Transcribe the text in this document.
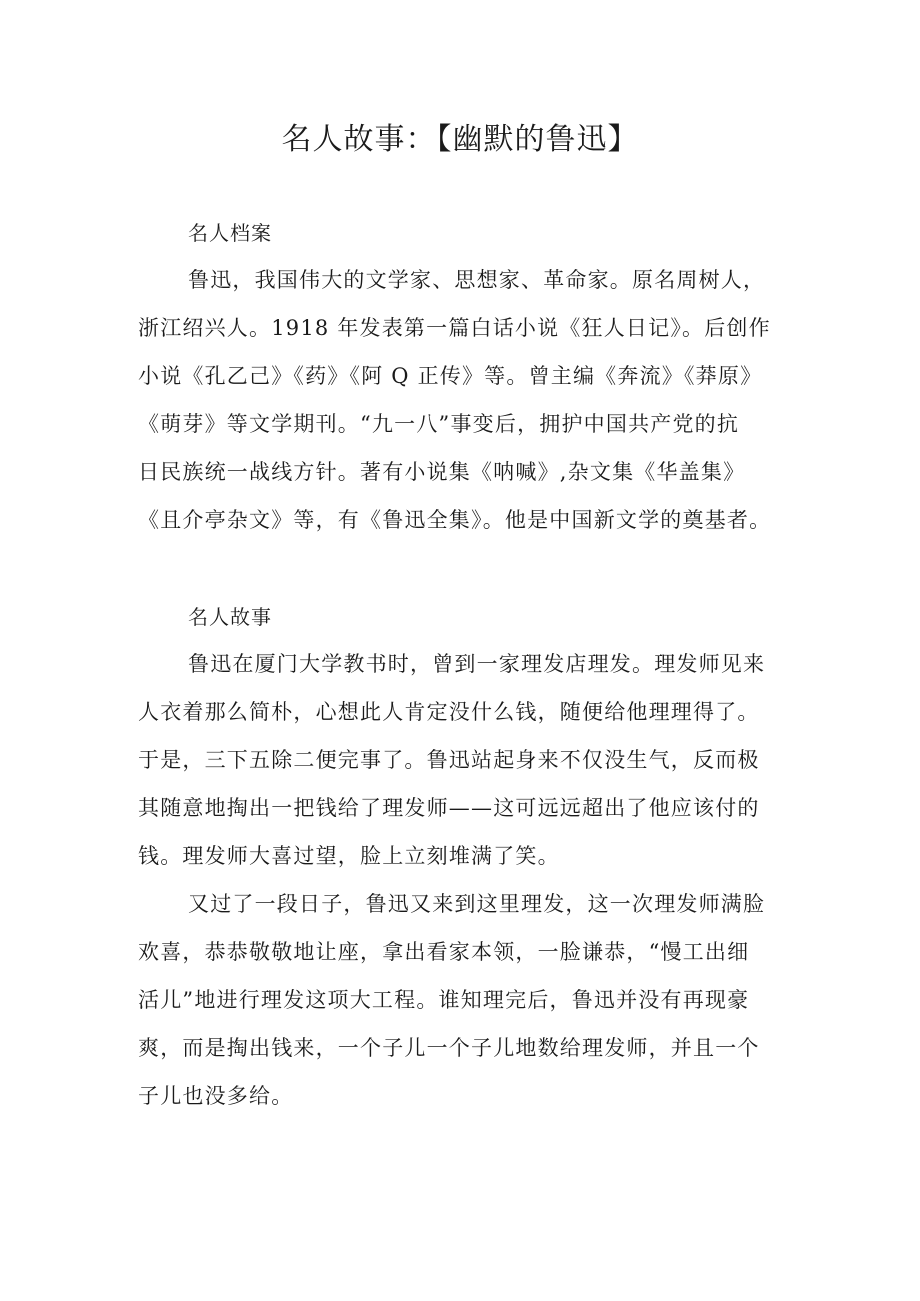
名人故事：【幽默的鲁迅】
名人档案
鲁迅，我国伟大的文学家、思想家、革命家。原名周树人，
浙江绍兴人。1918 年发表第一篇白话小说《狂人日记》。后创作
小说《孔乙己》《药》《阿 Q 正传》等。曾主编《奔流》《莽原》
《萌芽》等文学期刊。“九一八”事变后，拥护中国共产党的抗
日民族统一战线方针。著有小说集《呐喊》,杂文集《华盖集》
《且介亭杂文》等，有《鲁迅全集》。他是中国新文学的奠基者。
名人故事
鲁迅在厦门大学教书时，曾到一家理发店理发。理发师见来
人衣着那么简朴，心想此人肯定没什么钱，随便给他理理得了。
于是，三下五除二便完事了。鲁迅站起身来不仅没生气，反而极
其随意地掏出一把钱给了理发师——这可远远超出了他应该付的
钱。理发师大喜过望，脸上立刻堆满了笑。
又过了一段日子，鲁迅又来到这里理发，这一次理发师满脸
欢喜，恭恭敬敬地让座，拿出看家本领，一脸谦恭，“慢工出细
活儿”地进行理发这项大工程。谁知理完后，鲁迅并没有再现豪
爽，而是掏出钱来，一个子儿一个子儿地数给理发师，并且一个
子儿也没多给。
